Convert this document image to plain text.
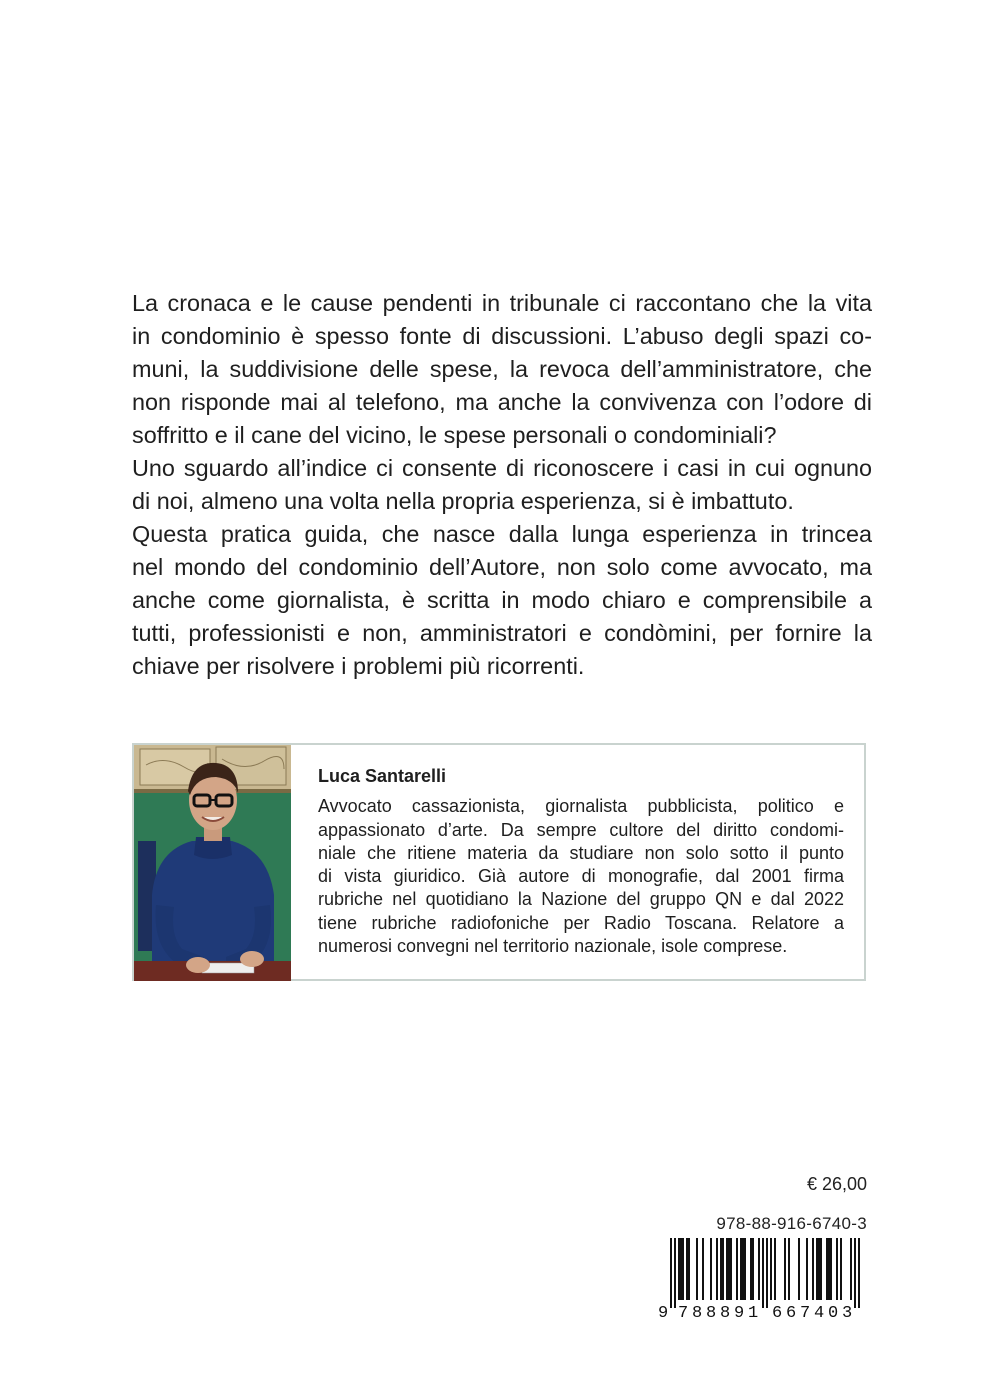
La cronaca e le cause pendenti in tribunale ci raccontano che la vita
in condominio è spesso fonte di discussioni. L’abuso degli spazi co-
muni, la suddivisione delle spese, la revoca dell’amministratore, che
non risponde mai al telefono, ma anche la convivenza con l’odore di
soffritto e il cane del vicino, le spese personali o condominiali?
Uno sguardo all’indice ci consente di riconoscere i casi in cui ognuno
di noi, almeno una volta nella propria esperienza, si è imbattuto.
Questa pratica guida, che nasce dalla lunga esperienza in trincea
nel mondo del condominio dell’Autore, non solo come avvocato, ma
anche come giornalista, è scritta in modo chiaro e comprensibile a
tutti, professionisti e non, amministratori e condòmini, per fornire la
chiave per risolvere i problemi più ricorrenti.
Luca Santarelli
Avvocato cassazionista, giornalista pubblicista, politico e
appassionato d’arte. Da sempre cultore del diritto condomi-
niale che ritiene materia da studiare non solo sotto il punto
di vista giuridico. Già autore di monografie, dal 2001 firma
rubriche nel quotidiano la Nazione del gruppo QN e dal 2022
tiene rubriche radiofoniche per Radio Toscana. Relatore a
numerosi convegni nel territorio nazionale, isole comprese.
€ 26,00
978-88-916-6740-3
9 7 8 8 8 9 1 6 6 7 4 0 3
